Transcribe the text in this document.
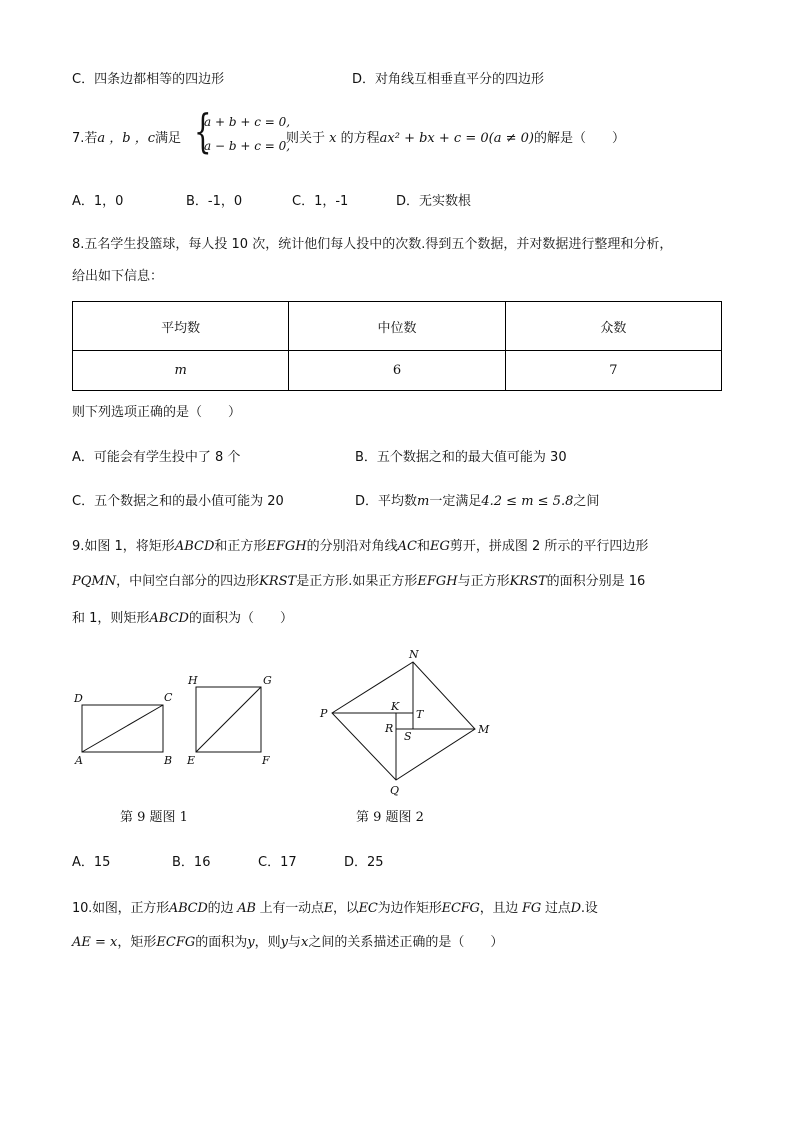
C．四条边都相等的四边形	D．对角线互相垂直平分的四边形
7.若a ，b ，c满足 {
a + b + c = 0,
a − b + c = 0,
则关于 x 的方程ax² + bx + c = 0(a ≠ 0)的解是（　　）
A．1，0	B．-1，0	C．1，-1	D．无实数根
8.五名学生投篮球，每人投 10 次，统计他们每人投中的次数.得到五个数据，并对数据进行整理和分析，
给出如下信息：
平均数	中位数	众数
m	6	7
则下列选项正确的是（　　）
A．可能会有学生投中了 8 个	B．五个数据之和的最大值可能为 30
C．五个数据之和的最小值可能为 20	D．平均数m一定满足4.2 ≤ m ≤ 5.8之间
9.如图 1，将矩形ABCD和正方形EFGH的分别沿对角线AC和EG剪开，拼成图 2 所示的平行四边形
PQMN，中间空白部分的四边形KRST是正方形.如果正方形EFGH与正方形KRST的面积分别是 16
和 1，则矩形ABCD的面积为（　　）
D	C
A	B
H	G
E	F
N
P
K
T
R
S
M
Q
第 9 题图 1	第 9 题图 2
A．15	B．16	C．17	D．25
10.如图，正方形ABCD的边 AB 上有一动点E，以EC为边作矩形ECFG，且边 FG 过点D.设
AE = x，矩形ECFG的面积为y，则y与x之间的关系描述正确的是（　　）
